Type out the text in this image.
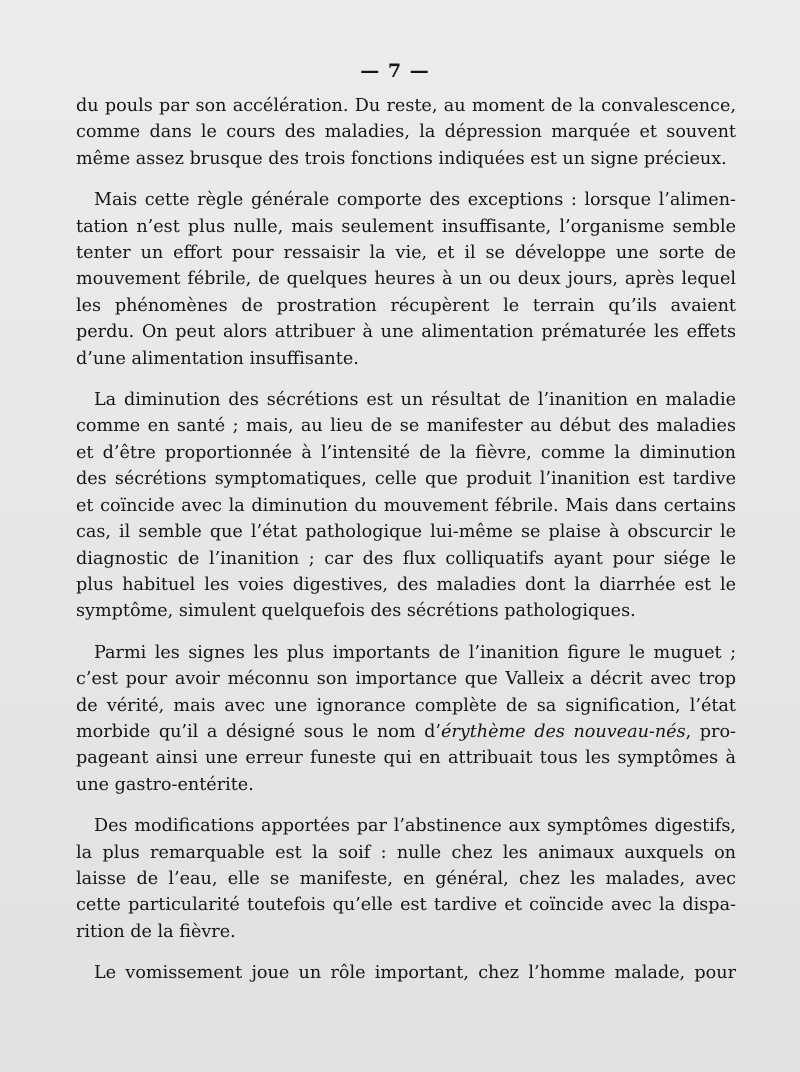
— 7 —

du pouls par son accélération. Du reste, au moment de la convalescence,
comme dans le cours des maladies, la dépression marquée et souvent
même assez brusque des trois fonctions indiquées est un signe précieux.

Mais cette règle générale comporte des exceptions : lorsque l’alimen-
tation n’est plus nulle, mais seulement insuffisante, l’organisme semble
tenter un effort pour ressaisir la vie, et il se développe une sorte de
mouvement fébrile, de quelques heures à un ou deux jours, après lequel
les phénomènes de prostration récupèrent le terrain qu’ils avaient
perdu. On peut alors attribuer à une alimentation prématurée les effets
d’une alimentation insuffisante.

La diminution des sécrétions est un résultat de l’inanition en maladie
comme en santé ; mais, au lieu de se manifester au début des maladies
et d’être proportionnée à l’intensité de la fièvre, comme la diminution
des sécrétions symptomatiques, celle que produit l’inanition est tardive
et coïncide avec la diminution du mouvement fébrile. Mais dans certains
cas, il semble que l’état pathologique lui-même se plaise à obscurcir le
diagnostic de l’inanition ; car des flux colliquatifs ayant pour siége le
plus habituel les voies digestives, des maladies dont la diarrhée est le
symptôme, simulent quelquefois des sécrétions pathologiques.

Parmi les signes les plus importants de l’inanition figure le muguet ;
c’est pour avoir méconnu son importance que Valleix a décrit avec trop
de vérité, mais avec une ignorance complète de sa signification, l’état
morbide qu’il a désigné sous le nom d’érythème des nouveau-nés, pro-
pageant ainsi une erreur funeste qui en attribuait tous les symptômes à
une gastro-entérite.

Des modifications apportées par l’abstinence aux symptômes digestifs,
la plus remarquable est la soif : nulle chez les animaux auxquels on
laisse de l’eau, elle se manifeste, en général, chez les malades, avec
cette particularité toutefois qu’elle est tardive et coïncide avec la dispa-
rition de la fièvre.

Le vomissement joue un rôle important, chez l’homme malade, pour
